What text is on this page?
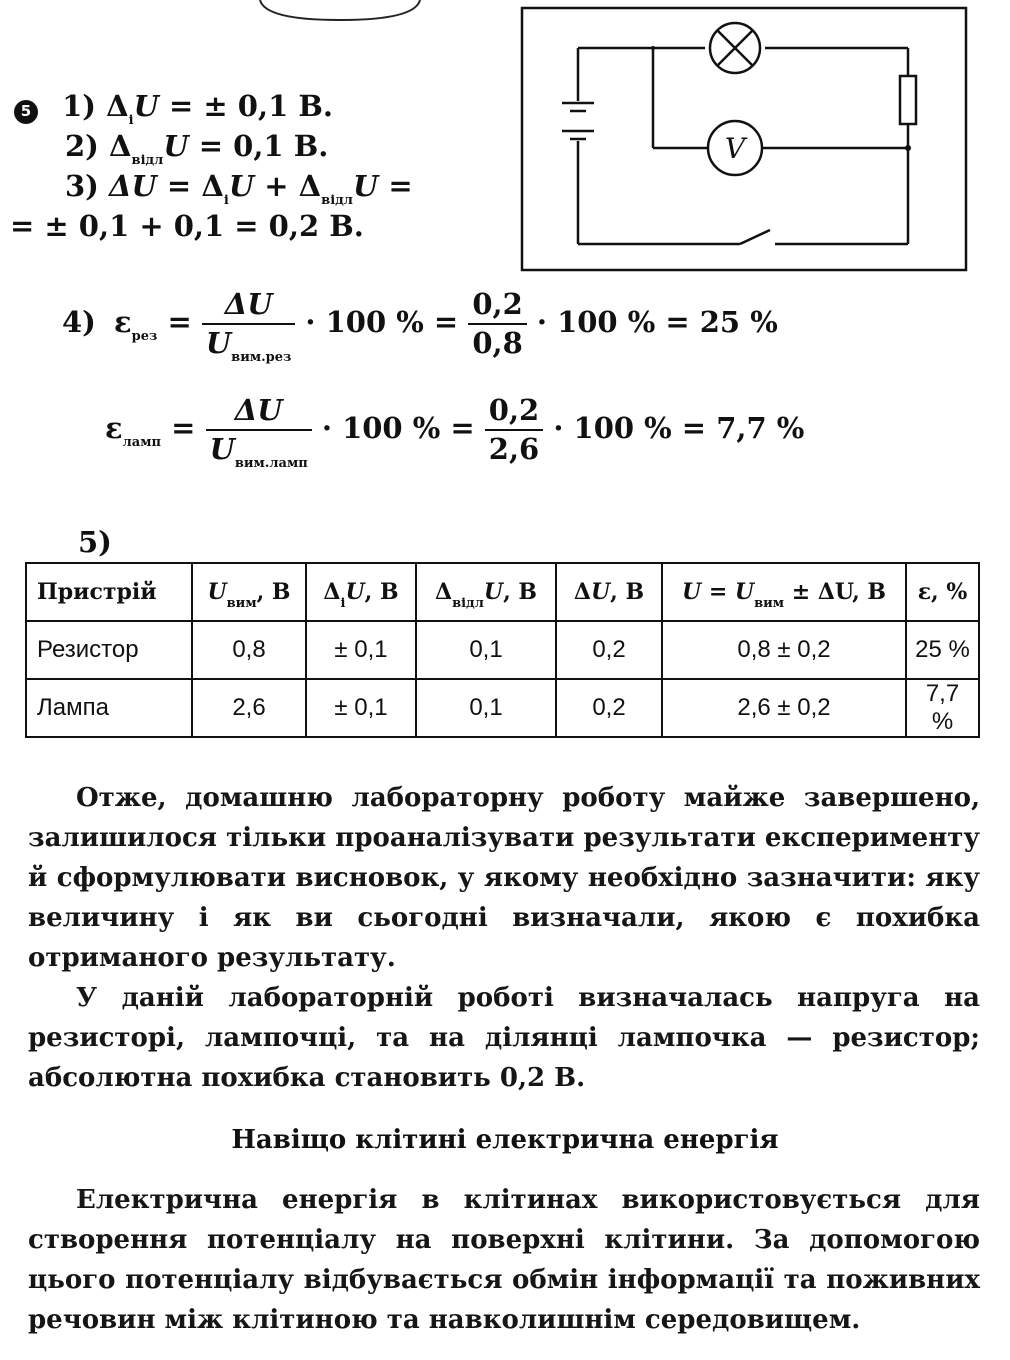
5 1) $\Delta_іU$ = ± 0,1 В.
2) $\Delta_{відл}U = 0,1$ В.
3) $\Delta U = \Delta_іU + \Delta_{відл}U$ =
= ± 0,1 + 0,1 = 0,2 В.
V
4) $\varepsilon_{рез} = \frac{\Delta U}{U_{вим.рез}} \cdot 100$ % = $\frac{0,2}{0,8} \cdot 100$ % = 25 %
$\varepsilon_{ламп} = \frac{\Delta U}{U_{вим.ламп}} \cdot 100$ % = $\frac{0,2}{2,6} \cdot 100$ % = 7,7 %
5)
Пристрій	$U_{вим}$, В	$\Delta_іU$, В	$\Delta_{відл}U$, В	ΔU, В	$U = U_{вим} \pm \Delta U$, В	ε, %
Резистор	0,8	± 0,1	0,1	0,2	0,8 ± 0,2	25 %
Лампа	2,6	± 0,1	0,1	0,2	2,6 ± 0,2	7,7 %

Отже, домашню лабораторну роботу майже завершено, залишилося тільки проаналізувати результати експерименту й сформулювати висновок, у якому необхідно зазначити: яку величину і як ви сьогодні визначали, якою є похибка отриманого результату.

У даній лабораторній роботі визначалась напруга на резисторі, лампочці, та на ділянці лампочка — резистор; абсолютна похибка становить 0,2 В.

Навіщо клітині електрична енергія

Електрична енергія в клітинах використовується для створення потенціалу на поверхні клітини. За допомогою цього потенціалу відбувається обмін інформації та поживних речовин між клітиною та навколишнім середовищем.
